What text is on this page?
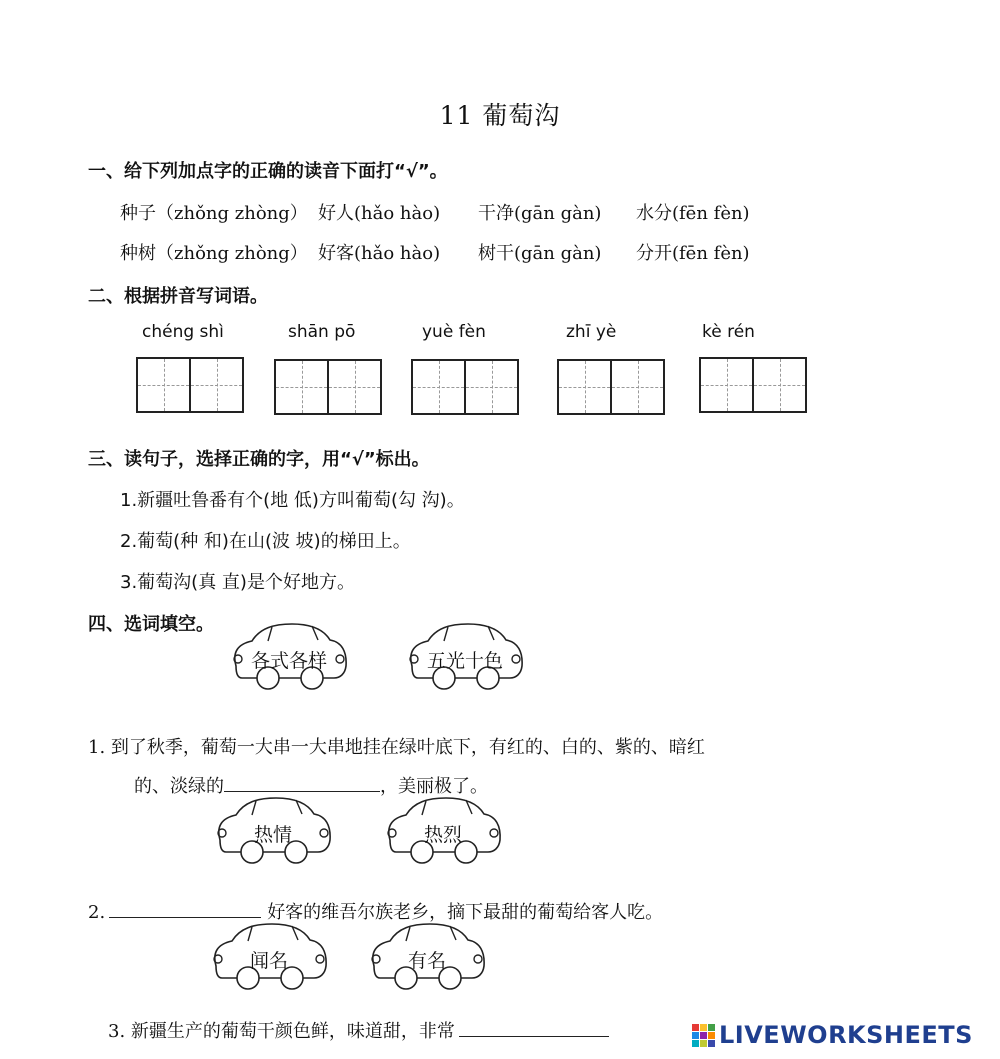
11 葡萄沟
一、给下列加点字的正确的读音下面打“√”。
种子（zhǒng zhòng） 好人(hǎo hào) 干净(gān gàn) 水分(fēn fèn)
种树（zhǒng zhòng） 好客(hǎo hào) 树干(gān gàn) 分开(fēn fèn)
二、根据拼音写词语。
chéng shì	shān pō	yuè fèn	zhī yè	kè rén
三、读句子，选择正确的字，用“√”标出。
1.新疆吐鲁番有个(地 低)方叫葡萄(勾 沟)。
2.葡萄(种 和)在山(波 坡)的梯田上。
3.葡萄沟(真 直)是个好地方。
四、选词填空。
各式各样	五光十色
1. 到了秋季，葡萄一大串一大串地挂在绿叶底下，有红的、白的、紫的、暗红
的、淡绿的	，美丽极了。
热情	热烈
2.	好客的维吾尔族老乡，摘下最甜的葡萄给客人吃。
闻名	有名
3. 新疆生产的葡萄干颜色鲜，味道甜，非常	LIVEWORKSHEETS
